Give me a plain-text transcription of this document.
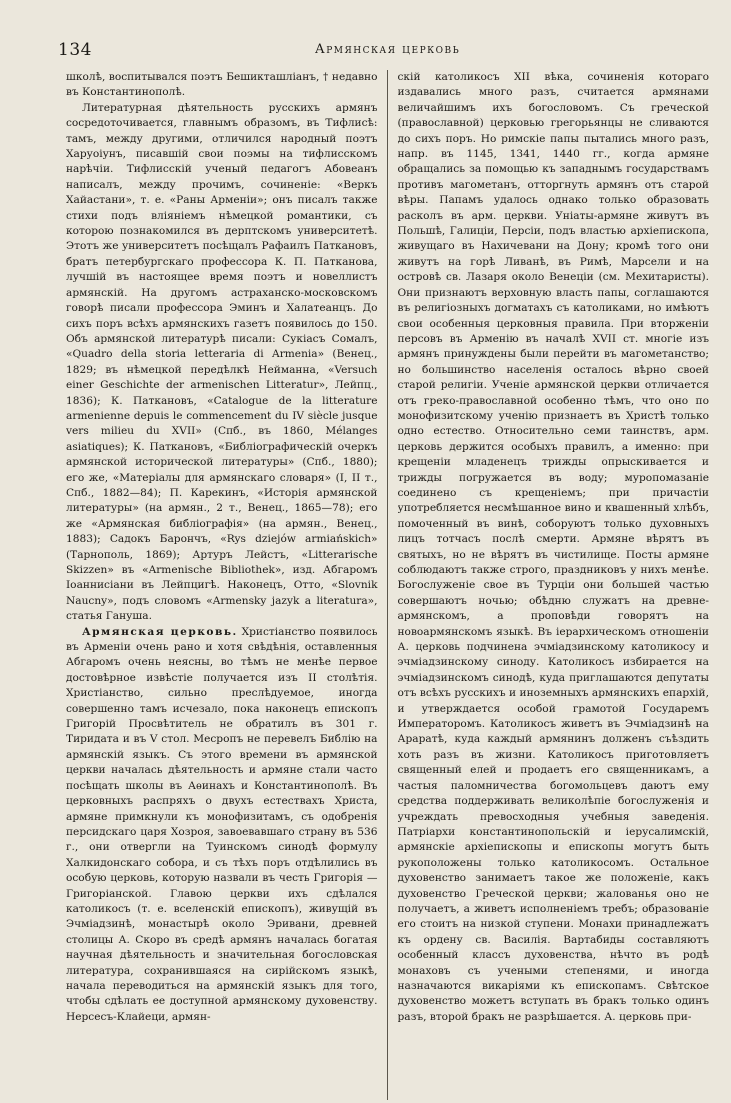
134	Армянская церковь

школѣ, воспитывался поэтъ Бешикташліанъ, † недавно въ Константинополѣ.

Литературная дѣятельность русскихъ армянъ сосредоточивается, главнымъ образомъ, въ Тифлисѣ: тамъ, между другими, отличился народный поэтъ Харуоіунъ, писавшій свои поэмы на тифлисскомъ нарѣчіи. Тифлисскій ученый педагогъ Абовеанъ написалъ, между прочимъ, сочиненіе: «Веркъ Хайастани», т. е. «Раны Арменіи»; онъ писалъ также стихи подъ вліяніемъ нѣмецкой романтики, съ которою познакомился въ дерптскомъ университетѣ. Этотъ же университетъ посѣщалъ Рафаилъ Паткановъ, братъ петербургскаго профессора К. П. Патканова, лучшій въ настоящее время поэтъ и новеллистъ армянскій. На другомъ астраханско-московскомъ говорѣ писали профессора Эминъ и Халатеанцъ. До сихъ поръ всѣхъ армянскихъ газетъ появилось до 150. Объ армянской литературѣ писали: Сукіасъ Сомалъ, «Quadro della storia letteraria di Armenia» (Венец., 1829; въ нѣмецкой передѣлкѣ Нейманна, «Versuch einer Geschichte der armenischen Litteratur», Лейпц., 1836); К. Паткановъ, «Catalogue de la litterature armenienne depuis le commencement du IV siècle jusque vers milieu du XVII» (Спб., въ 1860, Mélanges asiatiques); К. Паткановъ, «Библіографическій очеркъ армянской исторической литературы» (Спб., 1880); его же, «Матеріалы для армянскаго словаря» (I, II т., Спб., 1882—84); П. Карекинъ, «Исторія армянской литературы» (на армян., 2 т., Венец., 1865—78); его же «Армянская библіографія» (на армян., Венец., 1883); Садокъ Барончъ, «Rys dziejów armiańskich» (Тарнополь, 1869); Артуръ Лейстъ, «Litterarische Skizzen» въ «Armenische Bibliothek», изд. Абгаромъ Іоаннисіани въ Лейпцигѣ. Наконецъ, Отто, «Slovnik Naucny», подъ словомъ «Armensky jazyk a literatura», статья Гануша.

Армянская церковь. Христіанство появилось въ Арменіи очень рано и хотя свѣдѣнія, оставленныя Абгаромъ очень неясны, во тѣмъ не менѣе первое достовѣрное извѣстіе получается изъ II столѣтія. Христіанство, сильно преслѣдуемое, иногда совершенно тамъ исчезало, пока наконецъ епископъ Григорій Просвѣтитель не обратилъ въ 301 г. Тиридата и въ V стол. Месропъ не перевелъ Библію на армянскій языкъ. Съ этого времени въ армянской церкви началась дѣятельность и армяне стали часто посѣщать школы въ Аѳинахъ и Константинополѣ. Въ церковныхъ распряхъ о двухъ естествахъ Христа, армяне примкнули къ монофизитамъ, съ одобренія персидскаго царя Хозроя, завоевавшаго страну въ 536 г., они отвергли на Туинскомъ синодѣ формулу Халкидонскаго собора, и съ тѣхъ поръ отдѣлились въ особую церковь, которую назвали въ честь Григорія — Григоріанской. Главою церкви ихъ сдѣлался католикосъ (т. е. вселенскій епископъ), живущій въ Эчміадзинѣ, монастырѣ около Эривани, древней столицы А. Скоро въ средѣ армянъ началась богатая научная дѣятельность и значительная богословская литература, сохранившаяся на сирійскомъ языкѣ, начала переводиться на армянскій языкъ для того, чтобы сдѣлать ее доступной армянскому духовенству. Нерсесъ-Клайеци, армян-

скій католикосъ XII вѣка, сочиненія котораго издавались много разъ, считается армянами величайшимъ ихъ богословомъ. Съ греческой (православной) церковью грегорьянцы не сливаются до сихъ поръ. Но римскіе папы пытались много разъ, напр. въ 1145, 1341, 1440 гг., когда армяне обращались за помощью къ западнымъ государствамъ противъ магометанъ, отторгнуть армянъ отъ старой вѣры. Папамъ удалось однако только образовать расколъ въ арм. церкви. Уніаты-армяне живутъ въ Польшѣ, Галиціи, Персіи, подъ властью архіепископа, живущаго въ Нахичевани на Дону; кромѣ того они живутъ на горѣ Ливанѣ, въ Римѣ, Марсели и на островѣ св. Лазаря около Венеціи (см. Мехитаристы). Они признаютъ верховную власть папы, соглашаются въ религіозныхъ догматахъ съ католиками, но имѣютъ свои особенныя церковныя правила. При вторженіи персовъ въ Арменію въ началѣ XVII ст. многіе изъ армянъ принуждены были перейти въ магометанство; но большинство населенія осталось вѣрно своей старой религіи. Ученіе армянской церкви отличается отъ греко-православной особенно тѣмъ, что оно по монофизитскому ученію признаетъ въ Христѣ только одно естество. Относительно семи таинствъ, арм. церковь держится особыхъ правилъ, а именно: при крещеніи младенецъ трижды опрыскивается и трижды погружается въ воду; муропомазаніе соединено съ крещеніемъ; при причастіи употребляется несмѣшанное вино и квашенный хлѣбъ, помоченный въ винѣ, соборуютъ только духовныхъ лицъ тотчасъ послѣ смерти. Армяне вѣрятъ въ святыхъ, но не вѣрятъ въ чистилище. Посты армяне соблюдаютъ также строго, праздниковъ у нихъ менѣе. Богослуженіе свое въ Турціи они большей частью совершаютъ ночью; обѣдню служатъ на древне-армянскомъ, а проповѣди говорятъ на новоармянскомъ языкѣ. Въ іерархическомъ отношеніи А. церковь подчинена эчміадзинскому католикосу и эчміадзинскому синоду. Католикосъ избирается на эчміадзинскомъ синодѣ, куда приглашаются депутаты отъ всѣхъ русскихъ и иноземныхъ армянскихъ епархій, и утверждается особой грамотой Государемъ Императоромъ. Католикосъ живетъ въ Эчміадзинѣ на Араратѣ, куда каждый армянинъ долженъ съѣздить хоть разъ въ жизни. Католикосъ приготовляетъ священный елей и продаетъ его священникамъ, а частыя паломничества богомольцевъ даютъ ему средства поддерживать великолѣпіе богослуженія и учреждать превосходныя учебныя заведенія. Патріархи константинопольскій и іерусалимскій, армянскіе архіепископы и епископы могутъ быть рукоположены только католикосомъ. Остальное духовенство занимаетъ такое же положеніе, какъ духовенство Греческой церкви; жалованья оно не получаетъ, а живетъ исполненіемъ требъ; образованіе его стоитъ на низкой ступени. Монахи принадлежатъ къ ордену св. Василія. Вартабиды составляютъ особенный классъ духовенства, нѣчто въ родѣ монаховъ съ учеными степенями, и иногда назначаются викаріями къ епископамъ. Свѣтское духовенство можетъ вступать въ бракъ только одинъ разъ, второй бракъ не разрѣшается. А. церковь при-
